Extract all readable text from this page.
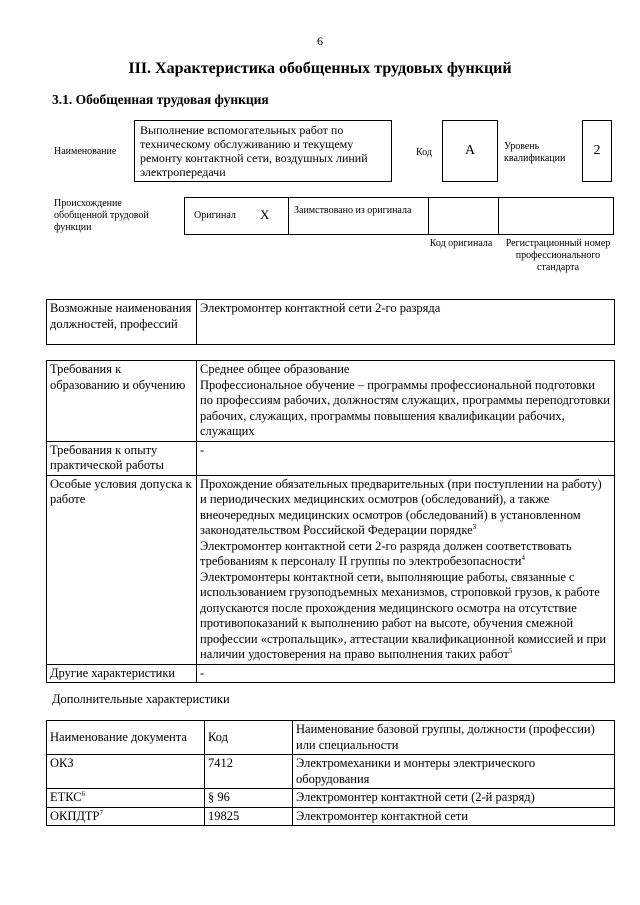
6
III. Характеристика обобщенных трудовых функций
3.1. Обобщенная трудовая функция
Наименование
Выполнение вспомогательных работ по техническому обслуживанию и текущему ремонту контактной сети, воздушных линий электропередачи
Код А	Уровень квалификации
2
Происхождение обобщенной трудовой функции
Оригинал X Заимствовано из оригинала
Код оригинала	Регистрационный номер профессионального стандарта
Возможные наименования должностей, профессий	Электромонтер контактной сети 2-го разряда
Требования к образованию и обучению	Среднее общее образование
Профессиональное обучение – программы профессиональной подготовки по профессиям рабочих, должностям служащих, программы переподготовки рабочих, служащих, программы повышения квалификации рабочих, служащих

Требования к опыту практической работы	-
Особые условия допуска к работе	Прохождение обязательных предварительных (при поступлении на работу) и периодических медицинских осмотров (обследований), а также внеочередных медицинских осмотров (обследований) в установленном законодательством Российской Федерации порядке$^3$
Электромонтер контактной сети 2-го разряда должен соответствовать требованиям к персоналу II группы по электробезопасности$^4$
Электромонтеры контактной сети, выполняющие работы, связанные с использованием грузоподъемных механизмов, строповкой грузов, к работе допускаются после прохождения медицинского осмотра на отсутствие противопоказаний к выполнению работ на высоте, обучения смежной профессии «стропальщик», аттестации квалификационной комиссией и при наличии удостоверения на право выполнения таких работ$^5$

Другие характеристики	-
Дополнительные характеристики
Наименование документа	Код	Наименование базовой группы, должности (профессии) или специальности
ОКЗ	7412	Электромеханики и монтеры электрического оборудования
ЕТКС$^6$	§ 96	Электромонтер контактной сети (2-й разряд)
ОКПДТР$^7$	19825	Электромонтер контактной сети
